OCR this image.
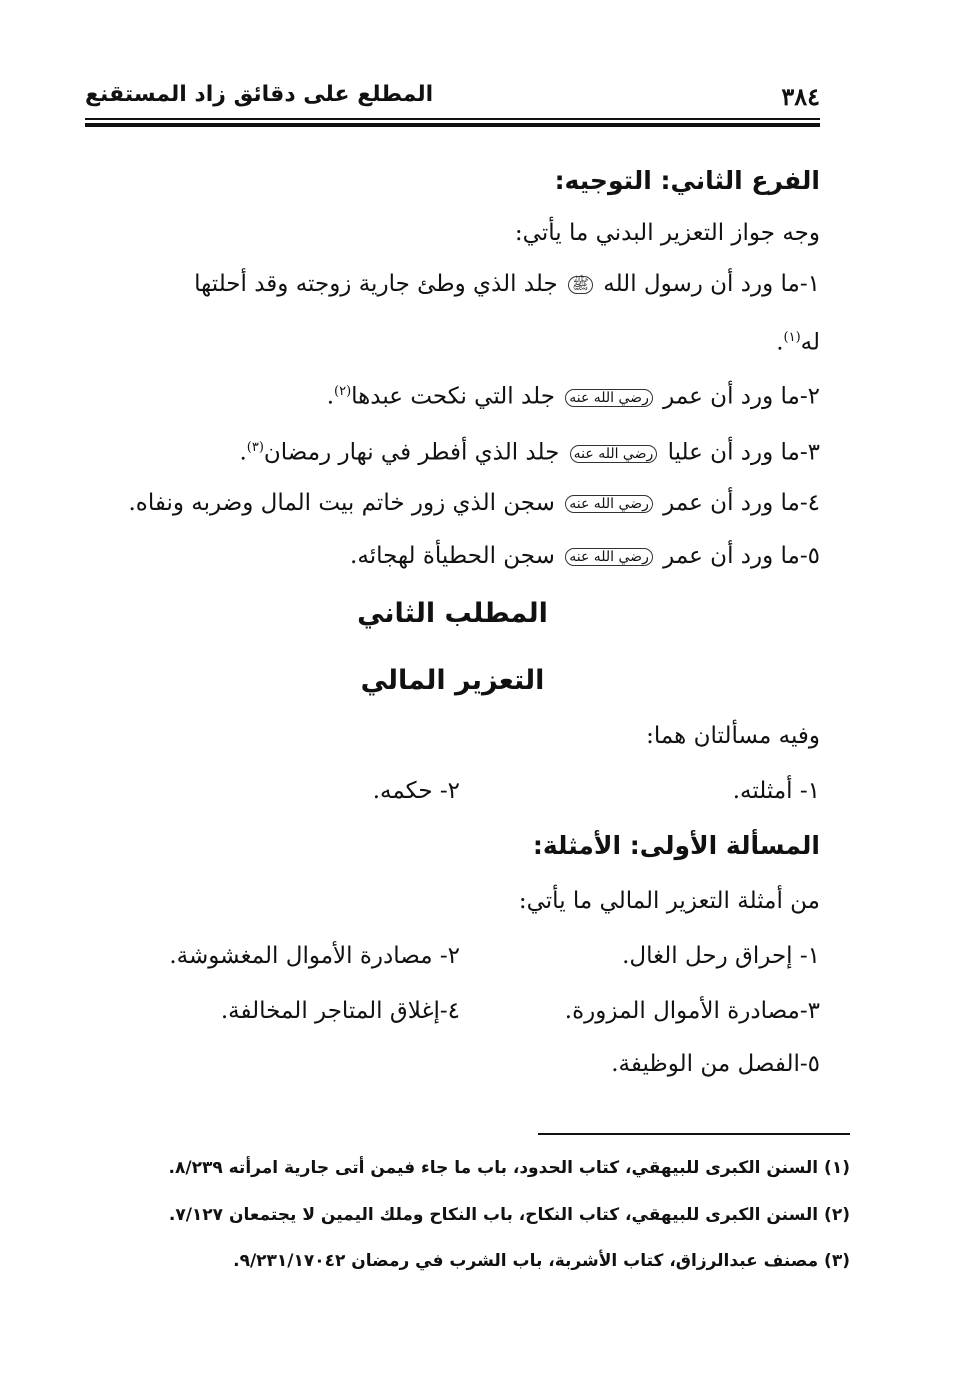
٣٨٤
المطلع على دقائق زاد المستقنع
الفرع الثاني: التوجيه:
وجه جواز التعزير البدني ما يأتي:
١-ما ورد أن رسول الله ﷺ جلد الذي وطئ جارية زوجته وقد أحلتها
له$^{(١)}$.
٢-ما ورد أن عمر رضي الله عنه جلد التي نكحت عبدها$^{(٢)}$.
٣-ما ورد أن عليا رضي الله عنه جلد الذي أفطر في نهار رمضان$^{(٣)}$.
٤-ما ورد أن عمر رضي الله عنه سجن الذي زور خاتم بيت المال وضربه ونفاه.
٥-ما ورد أن عمر رضي الله عنه سجن الحطيأة لهجائه.
المطلب الثاني
التعزير المالي
وفيه مسألتان هما:
١- أمثلته.
٢- حكمه.
المسألة الأولى: الأمثلة:
من أمثلة التعزير المالي ما يأتي:
١- إحراق رحل الغال.
٢- مصادرة الأموال المغشوشة.
٣-مصادرة الأموال المزورة.
٤-إغلاق المتاجر المخالفة.
٥-الفصل من الوظيفة.
(١) السنن الكبرى للبيهقي، كتاب الحدود، باب ما جاء فيمن أتى جارية امرأته ٨/٢٣٩.
(٢) السنن الكبرى للبيهقي، كتاب النكاح، باب النكاح وملك اليمين لا يجتمعان ٧/١٢٧.
(٣) مصنف عبدالرزاق، كتاب الأشربة، باب الشرب في رمضان ٩/٢٣١/١٧٠٤٢.
